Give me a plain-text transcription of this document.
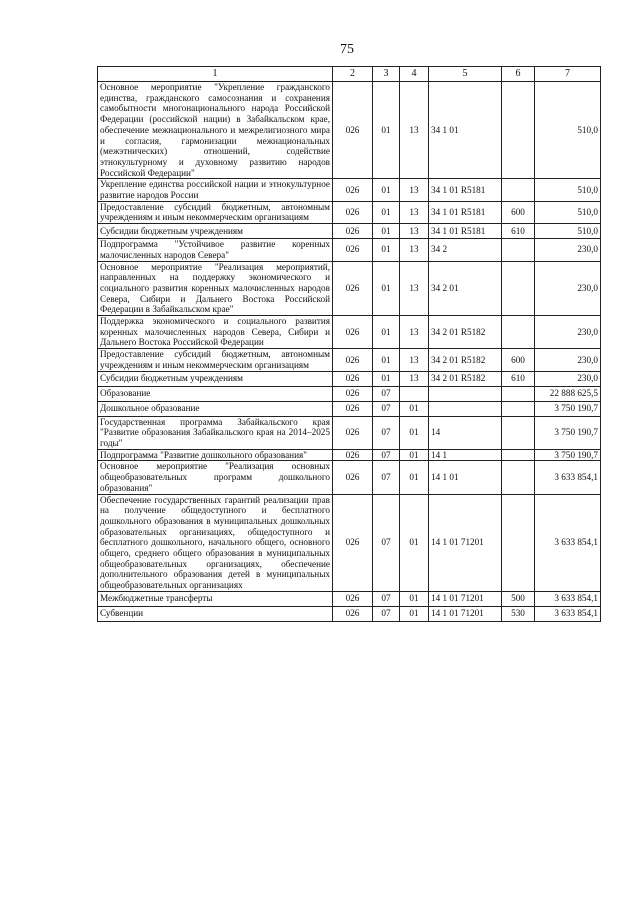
75
1	2	3	4	5	6	7
Основное мероприятие "Укрепление гражданского единства, гражданского самосознания и сохранения самобытности многонационального народа Российской Федерации (российской нации) в Забайкальском крае, обеспечение межнационального и межрелигиозного мира и согласия, гармонизации межнациональных (межэтнических) отношений, содействие этнокультурному и духовному развитию народов Российской Федерации"	026	01	13	34 1 01		510,0
Укрепление единства российской нации и этнокультурное развитие народов России	026	01	13	34 1 01 R5181		510,0
Предоставление субсидий бюджетным, автономным учреждениям и иным некоммерческим организациям	026	01	13	34 1 01 R5181	600	510,0
Субсидии бюджетным учреждениям	026	01	13	34 1 01 R5181	610	510,0
Подпрограмма "Устойчивое развитие коренных малочисленных народов Севера"	026	01	13	34 2		230,0
Основное мероприятие "Реализация мероприятий, направленных на поддержку экономического и социального развития коренных малочисленных народов Севера, Сибири и Дальнего Востока Российской Федерации в Забайкальском крае"	026	01	13	34 2 01		230,0
Поддержка экономического и социального развития коренных малочисленных народов Севера, Сибири и Дальнего Востока Российской Федерации	026	01	13	34 2 01 R5182		230,0
Предоставление субсидий бюджетным, автономным учреждениям и иным некоммерческим организациям	026	01	13	34 2 01 R5182	600	230,0
Субсидии бюджетным учреждениям	026	01	13	34 2 01 R5182	610	230,0
Образование	026	07				22 888 625,5
Дошкольное образование	026	07	01			3 750 190,7
Государственная программа Забайкальского края "Развитие образования Забайкальского края на 2014–2025 годы"	026	07	01	14		3 750 190,7
Подпрограмма "Развитие дошкольного образования"	026	07	01	14 1		3 750 190,7
Основное мероприятие "Реализация основных общеобразовательных программ дошкольного образования"	026	07	01	14 1 01		3 633 854,1
Обеспечение государственных гарантий реализации прав на получение общедоступного и бесплатного дошкольного образования в муниципальных дошкольных образовательных организациях, общедоступного и бесплатного дошкольного, начального общего, основного общего, среднего общего образования в муниципальных общеобразовательных организациях, обеспечение дополнительного образования детей в муниципальных общеобразовательных организациях	026	07	01	14 1 01 71201		3 633 854,1
Межбюджетные трансферты	026	07	01	14 1 01 71201	500	3 633 854,1
Субвенции	026	07	01	14 1 01 71201	530	3 633 854,1
